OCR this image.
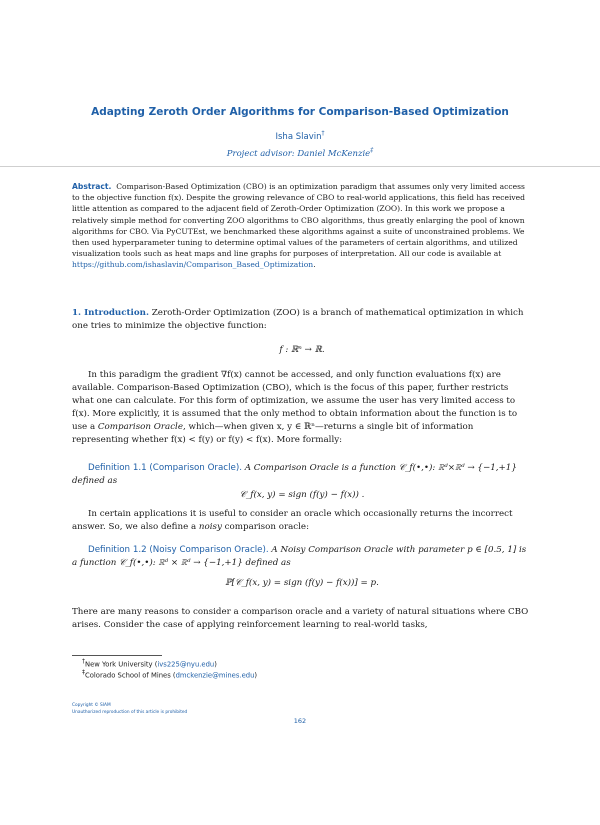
Adapting Zeroth Order Algorithms for Comparison-Based Optimization
Isha Slavin†
Project advisor: Daniel McKenzie‡
Abstract. Comparison-Based Optimization (CBO) is an optimization paradigm that assumes only very limited access to the objective function f(x). Despite the growing relevance of CBO to real-world applications, this field has received little attention as compared to the adjacent field of Zeroth-Order Optimization (ZOO). In this work we propose a relatively simple method for converting ZOO algorithms to CBO algorithms, thus greatly enlarging the pool of known algorithms for CBO. Via PyCUTEst, we benchmarked these algorithms against a suite of unconstrained problems. We then used hyperparameter tuning to determine optimal values of the parameters of certain algorithms, and utilized visualization tools such as heat maps and line graphs for purposes of interpretation. All our code is available at https://github.com/ishaslavin/Comparison_Based_Optimization.
1. Introduction. Zeroth-Order Optimization (ZOO) is a branch of mathematical optimization in which one tries to minimize the objective function:
f : ℝⁿ → ℝ.
In this paradigm the gradient ∇f(x) cannot be accessed, and only function evaluations f(x) are available. Comparison-Based Optimization (CBO), which is the focus of this paper, further restricts what one can calculate. For this form of optimization, we assume the user has very limited access to f(x). More explicitly, it is assumed that the only method to obtain information about the function is to use a Comparison Oracle, which—when given x, y ∈ ℝⁿ—returns a single bit of information representing whether f(x) < f(y) or f(y) < f(x). More formally:
Definition 1.1 (Comparison Oracle). A Comparison Oracle is a function 𝒞_f(•,•): ℝᵈ×ℝᵈ → {−1,+1} defined as
𝒞_f(x, y) = sign (f(y) − f(x)) .
In certain applications it is useful to consider an oracle which occasionally returns the incorrect answer. So, we also define a noisy comparison oracle:
Definition 1.2 (Noisy Comparison Oracle). A Noisy Comparison Oracle with parameter p ∈ [0.5, 1] is a function 𝒞_f(•,•): ℝᵈ × ℝᵈ → {−1,+1} defined as
ℙ[𝒞_f(x, y) = sign (f(y) − f(x))] = p.
There are many reasons to consider a comparison oracle and a variety of natural situations where CBO arises. Consider the case of applying reinforcement learning to real-world tasks,
†New York University (ivs225@nyu.edu)
‡Colorado School of Mines (dmckenzie@mines.edu)
Copyright © SIAM
Unauthorized reproduction of this article is prohibited
162
